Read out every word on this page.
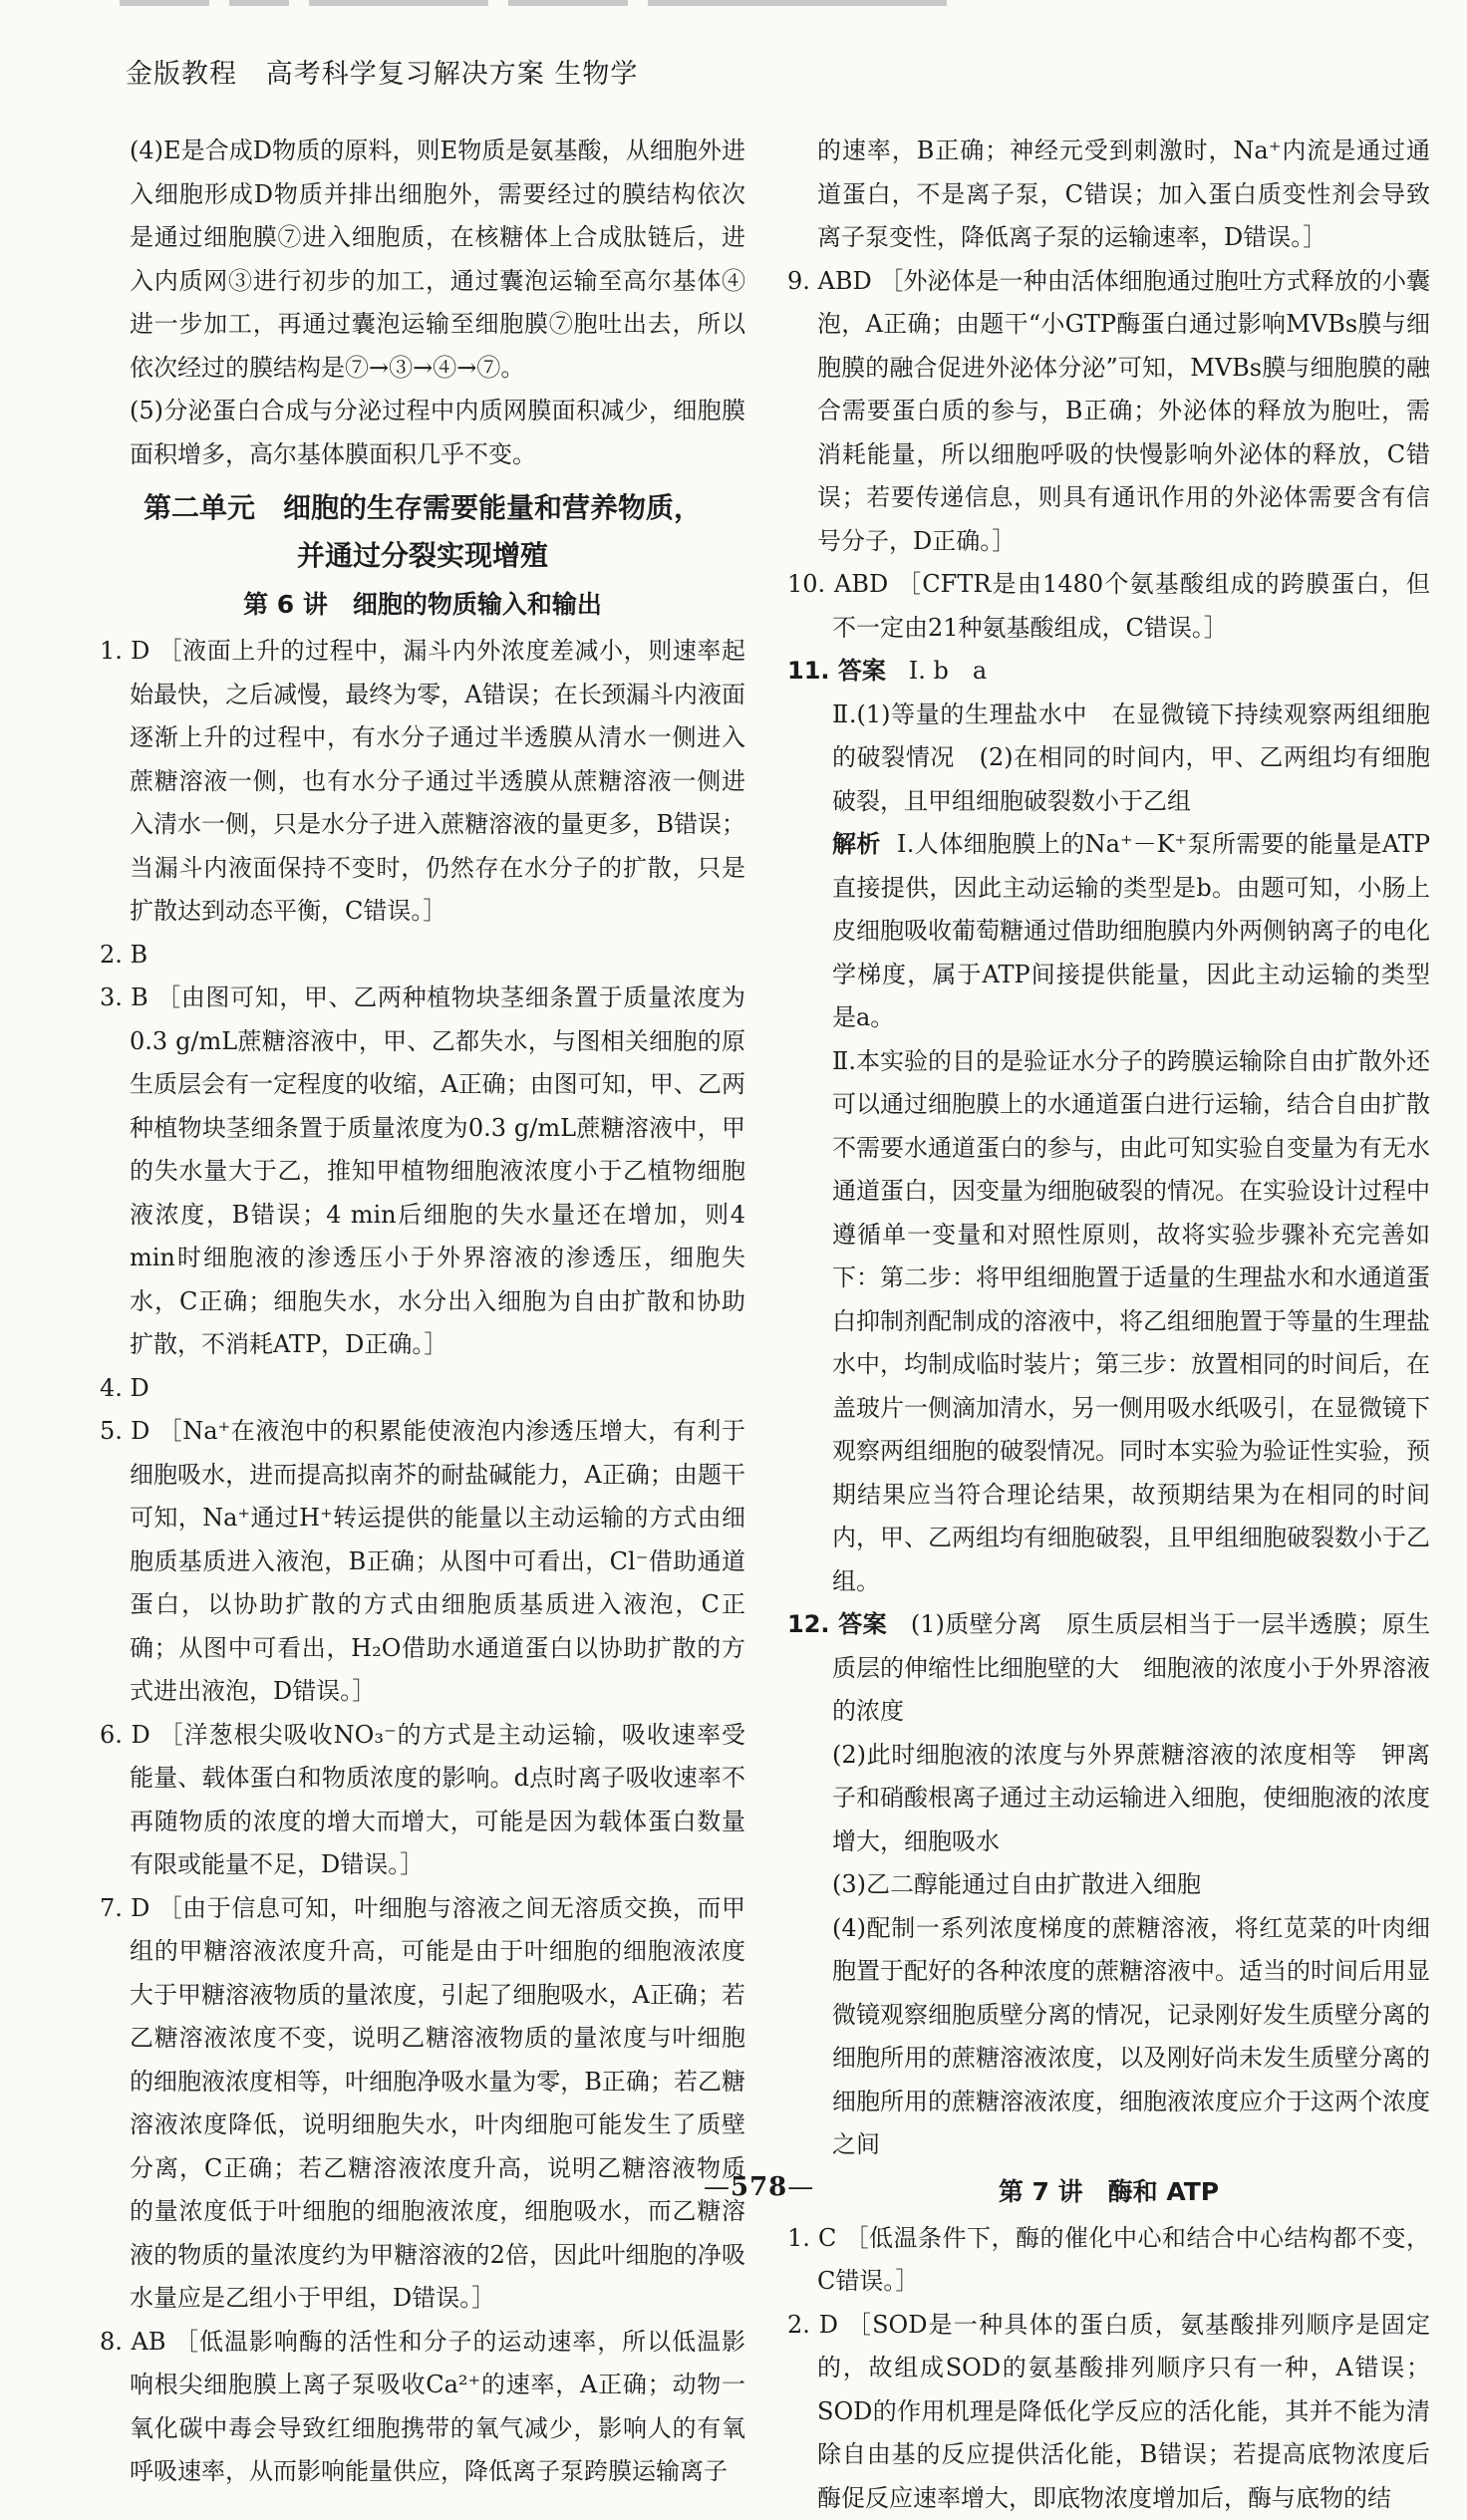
金版教程 高考科学复习解决方案 生物学

(4)E是合成D物质的原料，则E物质是氨基酸，从细胞外进入细胞形成D物质并排出细胞外，需要经过的膜结构依次是通过细胞膜⑦进入细胞质，在核糖体上合成肽链后，进入内质网③进行初步的加工，通过囊泡运输至高尔基体④进一步加工，再通过囊泡运输至细胞膜⑦胞吐出去，所以依次经过的膜结构是⑦→③→④→⑦。

(5)分泌蛋白合成与分泌过程中内质网膜面积减少，细胞膜面积增多，高尔基体膜面积几乎不变。

第二单元　细胞的生存需要能量和营养物质，
并通过分裂实现增殖
第 6 讲　细胞的物质输入和输出

1. D ［液面上升的过程中，漏斗内外浓度差减小，则速率起始最快，之后减慢，最终为零，A错误；在长颈漏斗内液面逐渐上升的过程中，有水分子通过半透膜从清水一侧进入蔗糖溶液一侧，也有水分子通过半透膜从蔗糖溶液一侧进入清水一侧，只是水分子进入蔗糖溶液的量更多，B错误；当漏斗内液面保持不变时，仍然存在水分子的扩散，只是扩散达到动态平衡，C错误。］

2. B

3. B ［由图可知，甲、乙两种植物块茎细条置于质量浓度为0.3 g/mL蔗糖溶液中，甲、乙都失水，与图相关细胞的原生质层会有一定程度的收缩，A正确；由图可知，甲、乙两种植物块茎细条置于质量浓度为0.3 g/mL蔗糖溶液中，甲的失水量大于乙，推知甲植物细胞液浓度小于乙植物细胞液浓度，B错误；4 min后细胞的失水量还在增加，则4 min时细胞液的渗透压小于外界溶液的渗透压，细胞失水，C正确；细胞失水，水分出入细胞为自由扩散和协助扩散，不消耗ATP，D正确。］

4. D

5. D ［Na⁺在液泡中的积累能使液泡内渗透压增大，有利于细胞吸水，进而提高拟南芥的耐盐碱能力，A正确；由题干可知，Na⁺通过H⁺转运提供的能量以主动运输的方式由细胞质基质进入液泡，B正确；从图中可看出，Cl⁻借助通道蛋白，以协助扩散的方式由细胞质基质进入液泡，C正确；从图中可看出，H₂O借助水通道蛋白以协助扩散的方式进出液泡，D错误。］

6. D ［洋葱根尖吸收NO₃⁻的方式是主动运输，吸收速率受能量、载体蛋白和物质浓度的影响。d点时离子吸收速率不再随物质的浓度的增大而增大，可能是因为载体蛋白数量有限或能量不足，D错误。］

7. D ［由于信息可知，叶细胞与溶液之间无溶质交换，而甲组的甲糖溶液浓度升高，可能是由于叶细胞的细胞液浓度大于甲糖溶液物质的量浓度，引起了细胞吸水，A正确；若乙糖溶液浓度不变，说明乙糖溶液物质的量浓度与叶细胞的细胞液浓度相等，叶细胞净吸水量为零，B正确；若乙糖溶液浓度降低，说明细胞失水，叶肉细胞可能发生了质壁分离，C正确；若乙糖溶液浓度升高，说明乙糖溶液物质的量浓度低于叶细胞的细胞液浓度，细胞吸水，而乙糖溶液的物质的量浓度约为甲糖溶液的2倍，因此叶细胞的净吸水量应是乙组小于甲组，D错误。］

8. AB ［低温影响酶的活性和分子的运动速率，所以低温影响根尖细胞膜上离子泵吸收Ca²⁺的速率，A正确；动物一氧化碳中毒会导致红细胞携带的氧气减少，影响人的有氧呼吸速率，从而影响能量供应，降低离子泵跨膜运输离子

的速率，B正确；神经元受到刺激时，Na⁺内流是通过通道蛋白，不是离子泵，C错误；加入蛋白质变性剂会导致离子泵变性，降低离子泵的运输速率，D错误。］

9. ABD ［外泌体是一种由活体细胞通过胞吐方式释放的小囊泡，A正确；由题干“小GTP酶蛋白通过影响MVBs膜与细胞膜的融合促进外泌体分泌”可知，MVBs膜与细胞膜的融合需要蛋白质的参与，B正确；外泌体的释放为胞吐，需消耗能量，所以细胞呼吸的快慢影响外泌体的释放，C错误；若要传递信息，则具有通讯作用的外泌体需要含有信号分子，D正确。］

10. ABD ［CFTR是由1480个氨基酸组成的跨膜蛋白，但不一定由21种氨基酸组成，C错误。］

11. 答案 Ⅰ. b　a

Ⅱ.(1)等量的生理盐水中　在显微镜下持续观察两组细胞的破裂情况　(2)在相同的时间内，甲、乙两组均有细胞破裂，且甲组细胞破裂数小于乙组

解析 Ⅰ.人体细胞膜上的Na⁺－K⁺泵所需要的能量是ATP直接提供，因此主动运输的类型是b。由题可知，小肠上皮细胞吸收葡萄糖通过借助细胞膜内外两侧钠离子的电化学梯度，属于ATP间接提供能量，因此主动运输的类型是a。

Ⅱ.本实验的目的是验证水分子的跨膜运输除自由扩散外还可以通过细胞膜上的水通道蛋白进行运输，结合自由扩散不需要水通道蛋白的参与，由此可知实验自变量为有无水通道蛋白，因变量为细胞破裂的情况。在实验设计过程中遵循单一变量和对照性原则，故将实验步骤补充完善如下：第二步：将甲组细胞置于适量的生理盐水和水通道蛋白抑制剂配制成的溶液中，将乙组细胞置于等量的生理盐水中，均制成临时装片；第三步：放置相同的时间后，在盖玻片一侧滴加清水，另一侧用吸水纸吸引，在显微镜下观察两组细胞的破裂情况。同时本实验为验证性实验，预期结果应当符合理论结果，故预期结果为在相同的时间内，甲、乙两组均有细胞破裂，且甲组细胞破裂数小于乙组。

12. 答案 (1)质壁分离　原生质层相当于一层半透膜；原生质层的伸缩性比细胞壁的大　细胞液的浓度小于外界溶液的浓度

(2)此时细胞液的浓度与外界蔗糖溶液的浓度相等　钾离子和硝酸根离子通过主动运输进入细胞，使细胞液的浓度增大，细胞吸水

(3)乙二醇能通过自由扩散进入细胞

(4)配制一系列浓度梯度的蔗糖溶液，将红苋菜的叶肉细胞置于配好的各种浓度的蔗糖溶液中。适当的时间后用显微镜观察细胞质壁分离的情况，记录刚好发生质壁分离的细胞所用的蔗糖溶液浓度，以及刚好尚未发生质壁分离的细胞所用的蔗糖溶液浓度，细胞液浓度应介于这两个浓度之间

第 7 讲　酶和 ATP

1. C ［低温条件下，酶的催化中心和结合中心结构都不变，C错误。］

2. D ［SOD是一种具体的蛋白质，氨基酸排列顺序是固定的，故组成SOD的氨基酸排列顺序只有一种，A错误；SOD的作用机理是降低化学反应的活化能，其并不能为清除自由基的反应提供活化能，B错误；若提高底物浓度后酶促反应速率增大，即底物浓度增加后，酶与底物的结

— 578 —
